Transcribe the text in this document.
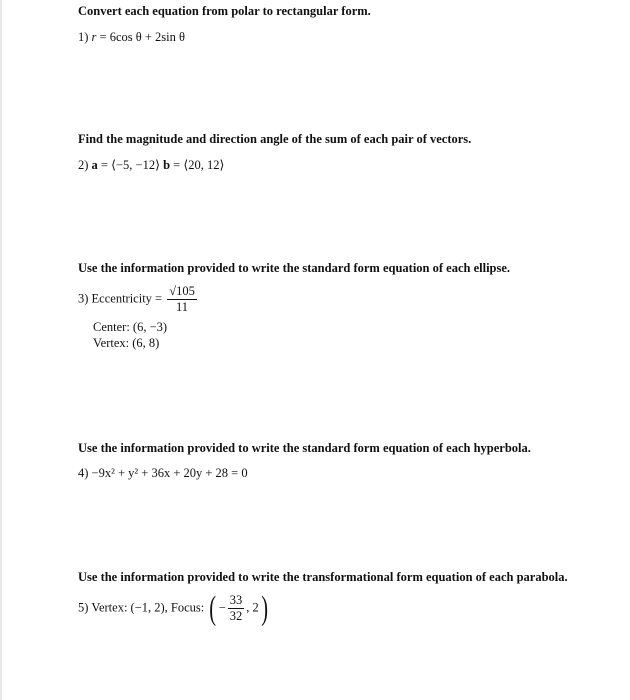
Convert each equation from polar to rectangular form.
1) r = 6cos θ + 2sin θ
Find the magnitude and direction angle of the sum of each pair of vectors.
2) a = ⟨−5, −12⟩ b = ⟨20, 12⟩
Use the information provided to write the standard form equation of each ellipse.
3) Eccentricity = $\frac{√105}{11}$
Center: (6, −3)
Vertex: (6, 8)
Use the information provided to write the standard form equation of each hyperbola.
4) −9x² + y² + 36x + 20y + 28 = 0
Use the information provided to write the transformational form equation of each parabola.
5) Vertex: (−1, 2), Focus: ( − $\frac{33}{32}$ , 2)
